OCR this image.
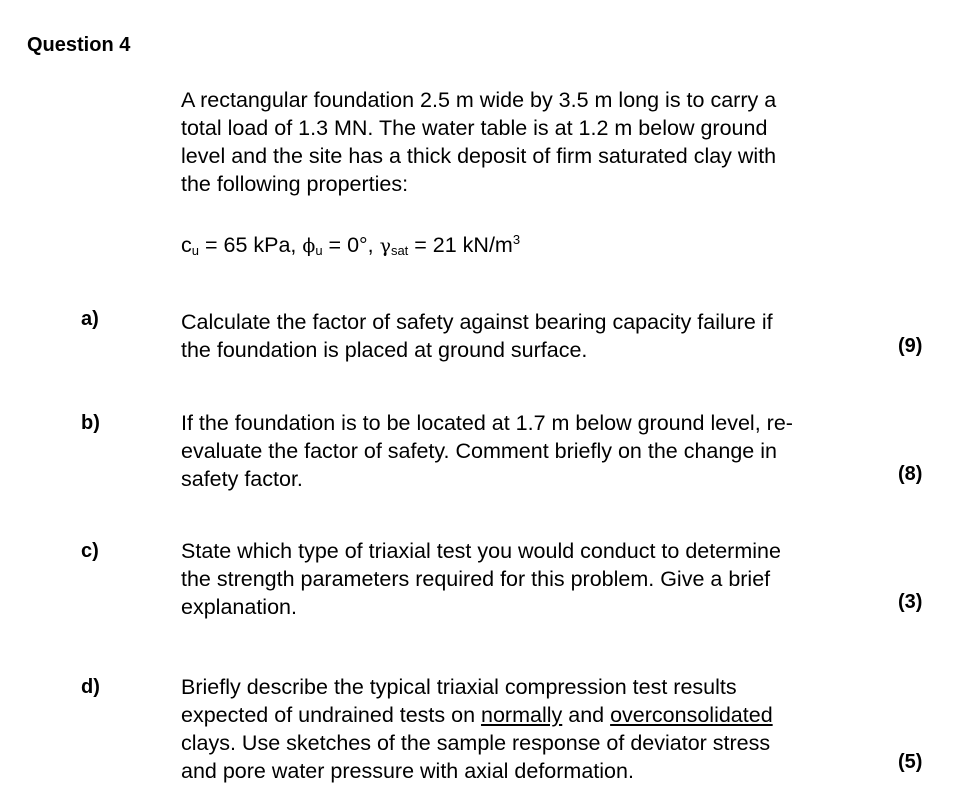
Question 4
A rectangular foundation 2.5 m wide by 3.5 m long is to carry a
total load of 1.3 MN. The water table is at 1.2 m below ground
level and the site has a thick deposit of firm saturated clay with
the following properties:
$c_u = 65$ kPa, $\phi_u = 0^\circ$, $\gamma_{sat} = 21$ $kN/m^3$
a)	Calculate the factor of safety against bearing capacity failure if
the foundation is placed at ground surface.	(9)
b)	If the foundation is to be located at 1.7 m below ground level, re-
evaluate the factor of safety. Comment briefly on the change in
safety factor.	(8)
c)	State which type of triaxial test you would conduct to determine
the strength parameters required for this problem. Give a brief
explanation.	(3)
d)	Briefly describe the typical triaxial compression test results
expected of undrained tests on normally and overconsolidated
clays. Use sketches of the sample response of deviator stress
and pore water pressure with axial deformation.	(5)
